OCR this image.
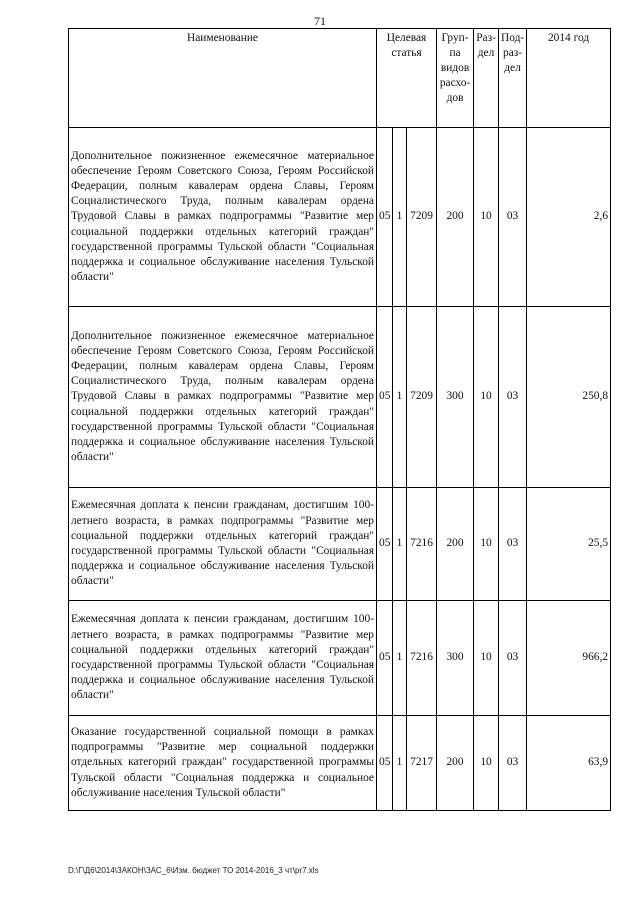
71
Наименование	Целевая статья			Груп-па видов расхо-дов	Раз-дел	Под-раз-дел	2014 год
Дополнительное пожизненное ежемесячное материальное обеспечение Героям Советского Союза, Героям Российской Федерации, полным кавалерам ордена Славы, Героям Социалистического Труда, полным кавалерам ордена Трудовой Славы в рамках подпрограммы "Развитие мер социальной поддержки отдельных категорий граждан" государственной программы Тульской области "Социальная поддержка и социальное обслуживание населения Тульской области"	05	1	7209	200	10	03	2,6
Дополнительное пожизненное ежемесячное материальное обеспечение Героям Советского Союза, Героям Российской Федерации, полным кавалерам ордена Славы, Героям Социалистического Труда, полным кавалерам ордена Трудовой Славы в рамках подпрограммы "Развитие мер социальной поддержки отдельных категорий граждан" государственной программы Тульской области "Социальная поддержка и социальное обслуживание населения Тульской области"	05	1	7209	300	10	03	250,8
Ежемесячная доплата к пенсии гражданам, достигшим 100-летнего возраста, в рамках подпрограммы "Развитие мер социальной поддержки отдельных категорий граждан" государственной программы Тульской области "Социальная поддержка и социальное обслуживание населения Тульской области"	05	1	7216	200	10	03	25,5
Ежемесячная доплата к пенсии гражданам, достигшим 100-летнего возраста, в рамках подпрограммы "Развитие мер социальной поддержки отдельных категорий граждан" государственной программы Тульской области "Социальная поддержка и социальное обслуживание населения Тульской области"	05	1	7216	300	10	03	966,2
Оказание государственной социальной помощи в рамках подпрограммы "Развитие мер социальной поддержки отдельных категорий граждан" государственной программы Тульской области "Социальная поддержка и социальное обслуживание населения Тульской области"	05	1	7217	200	10	03	63,9
D:\Г\Д6\2014\ЗАКОН\ЗАС_6\Изм. бюджет ТО 2014-2016_3 чт\pr7.xls
